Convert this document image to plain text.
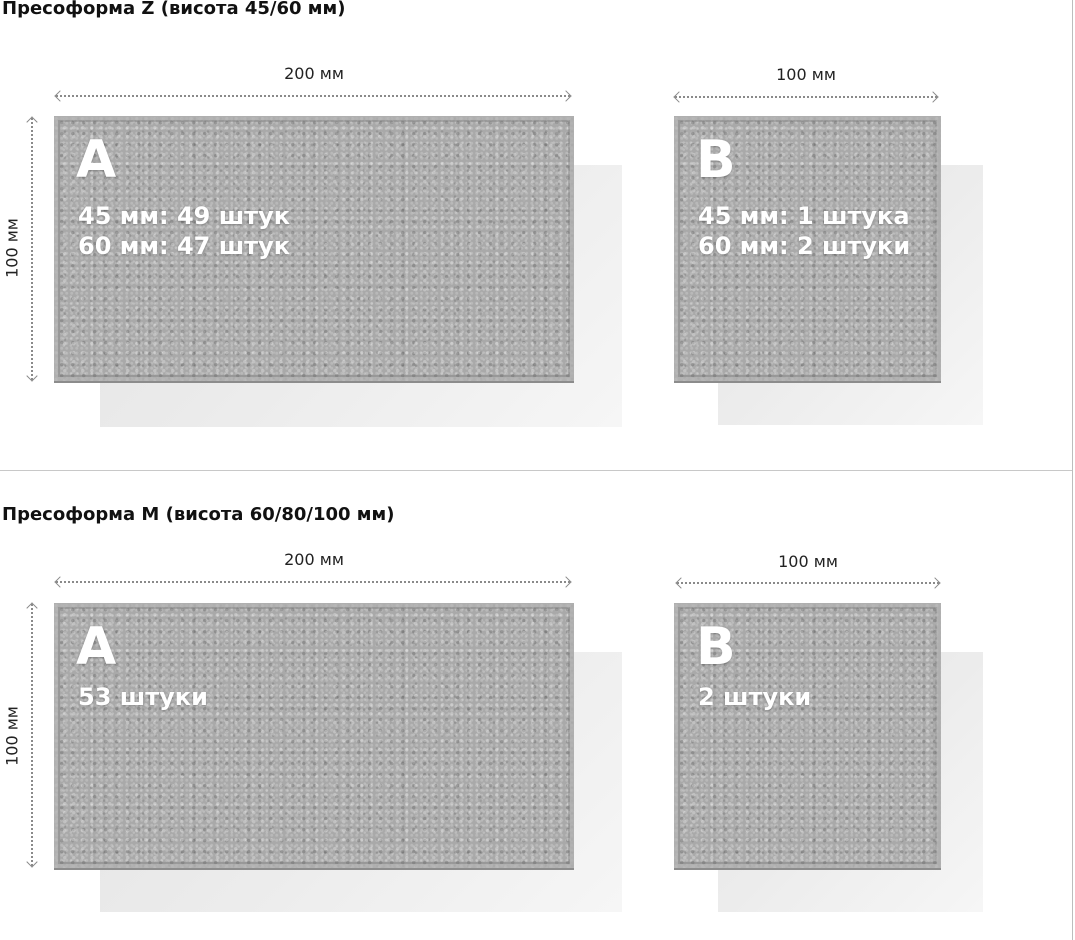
Пресоформа Z (висота 45/60 мм)
200 мм
100 мм
A
45 мм: 49 штук
60 мм: 47 штук
100 мм
B
45 мм: 1 штука
60 мм: 2 штуки
Пресоформа M (висота 60/80/100 мм)
200 мм
100 мм
A
53 штуки
100 мм
B
2 штуки
